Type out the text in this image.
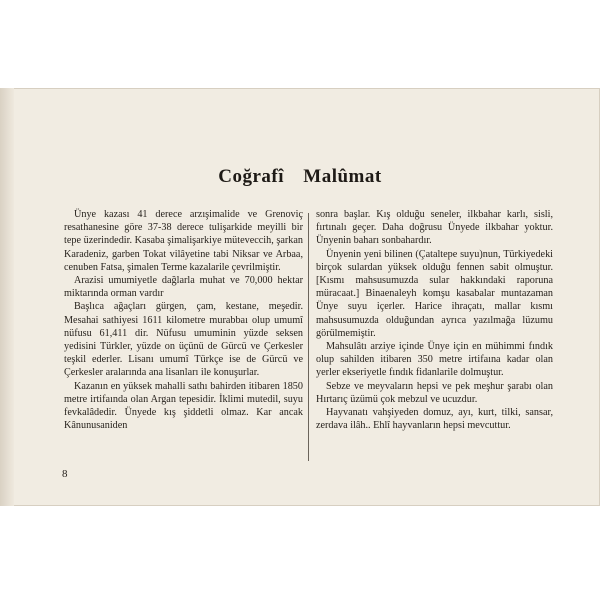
Coğrafî Malûmat

Ünye kazası 41 derece arzışimalide ve Grenoviç resathanesine göre 37-38 derece tulişarkide meyilli bir tepe üzerindedir. Kasaba şimalişarkiye müteveccih, şarkan Karadeniz, garben Tokat vilâyetine tabi Niksar ve Arbaa, cenuben Fatsa, şimalen Terme kazalarile çevrilmiştir.

Arazisi umumiyetle dağlarla muhat ve 70,000 hektar miktarında orman vardır

Başlıca ağaçları gürgen, çam, kestane, meşedir. Mesahai sathiyesi 1611 kilometre murabbaı olup umumî nüfusu 61,411 dir. Nüfusu umuminin yüzde seksen yedisini Türkler, yüzde on üçünü de Gürcü ve Çerkesler teşkil ederler. Lisanı umumî Türkçe ise de Gürcü ve Çerkesler aralarında ana lisanları ile konuşurlar.

Kazanın en yüksek mahalli sathı bahirden itibaren 1850 metre irtifaında olan Argan tepesidir. İklimi mutedil, suyu fevkalâdedir. Ünyede kış şiddetli olmaz. Kar ancak Kânunusaniden

sonra başlar. Kış olduğu seneler, ilkbahar karlı, sisli, fırtınalı geçer. Daha doğrusu Ünyede ilkbahar yoktur. Ünyenin baharı sonbahardır.

Ünyenin yeni bilinen (Çataltepe suyu)nun, Türkiyedeki birçok sulardan yüksek olduğu fennen sabit olmuştur. [Kısmı mahsusumuzda sular hakkındaki raporuna müracaat.] Binaenaleyh komşu kasabalar muntazaman Ünye suyu içerler. Harice ihraçatı, mallar kısmı mahsusumuzda olduğundan ayrıca yazılmağa lüzumu görülmemiştir.

Mahsulâtı arziye içinde Ünye için en mühimmi fındık olup sahilden itibaren 350 metre irtifaına kadar olan yerler ekseriyetle fındık fidanlarile dolmuştur.

Sebze ve meyvaların hepsi ve pek meşhur şarabı olan Hırtarıç üzümü çok mebzul ve ucuzdur.

Hayvanatı vahşiyeden domuz, ayı, kurt, tilki, sansar, zerdava ilâh.. Ehlî hayvanların hepsi mevcuttur.

8
